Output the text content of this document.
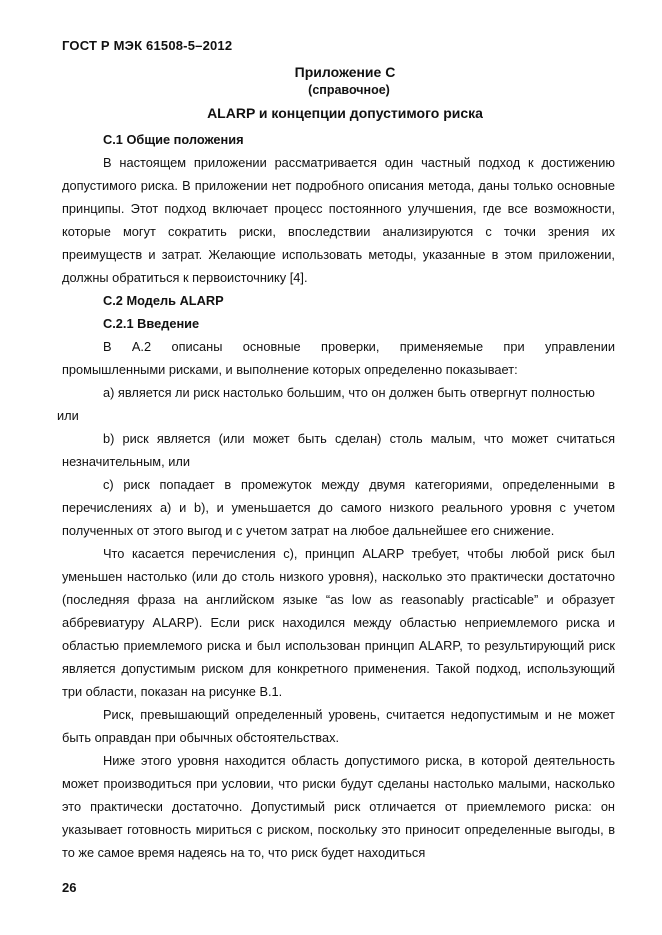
ГОСТ Р МЭК 61508-5–2012
Приложение С
(справочное)
ALARP и концепции допустимого риска

С.1 Общие положения

В настоящем приложении рассматривается один частный подход к достижению допустимого риска. В приложении нет подробного описания метода, даны только основные принципы. Этот подход включает процесс постоянного улучшения, где все возможности, которые могут сократить риски, впоследствии анализируются с точки зрения их преимуществ и затрат. Желающие использовать методы, указанные в этом приложении, должны обратиться к первоисточнику [4].

С.2 Модель ALARP

С.2.1 Введение

В А.2 описаны основные проверки, применяемые при управлении

промышленными рисками, и выполнение которых определенно показывает:

а) является ли риск настолько большим, что он должен быть отвергнут полностью

или

b) риск является (или может быть сделан) столь малым, что может считаться незначительным, или

с) риск попадает в промежуток между двумя категориями, определенными в перечислениях а) и b), и уменьшается до самого низкого реального уровня с учетом полученных от этого выгод и с учетом затрат на любое дальнейшее его снижение.

Что касается перечисления с), принцип ALARP требует, чтобы любой риск был уменьшен настолько (или до столь низкого уровня), насколько это практически достаточно (последняя фраза на английском языке “as low as reasonably practicable” и образует аббревиатуру ALARP). Если риск находился между областью неприемлемого риска и областью приемлемого риска и был использован принцип ALARP, то результирующий риск является допустимым риском для конкретного применения. Такой подход, использующий три области, показан на рисунке В.1.

Риск, превышающий определенный уровень, считается недопустимым и не может быть оправдан при обычных обстоятельствах.

Ниже этого уровня находится область допустимого риска, в которой деятельность может производиться при условии, что риски будут сделаны настолько малыми, насколько это практически достаточно. Допустимый риск отличается от приемлемого риска: он указывает готовность мириться с риском, поскольку это приносит определенные выгоды, в то же самое время надеясь на то, что риск будет находиться

26
